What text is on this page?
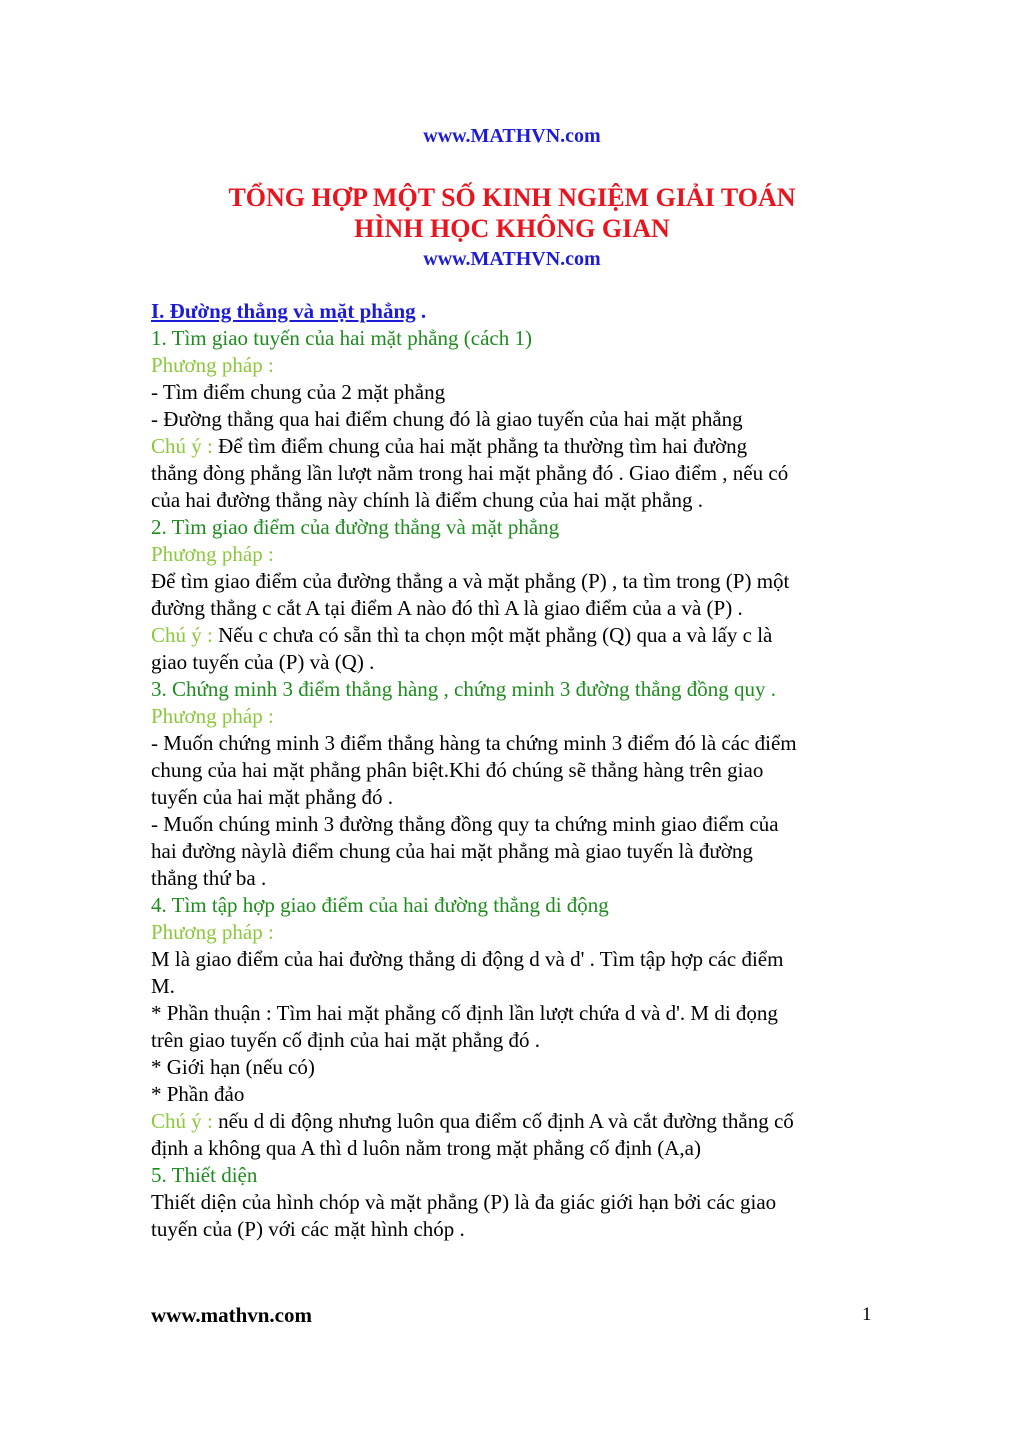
www.MATHVN.com
TỔNG HỢP MỘT SỐ KINH NGIỆM GIẢI TOÁN
HÌNH HỌC KHÔNG GIAN
www.MATHVN.com

I. Đường thẳng và mặt phẳng .

1. Tìm giao tuyến của hai mặt phẳng (cách 1)

Phương pháp :

- Tìm điểm chung của 2 mặt phẳng

- Đường thẳng qua hai điểm chung đó là giao tuyến của hai mặt phẳng

Chú ý : Để tìm điểm chung của hai mặt phẳng ta thường tìm hai đường

thẳng đòng phẳng lần lượt nằm trong hai mặt phẳng đó . Giao điểm , nếu có

của hai đường thẳng này chính là điểm chung của hai mặt phẳng .

2. Tìm giao điểm của đường thẳng và mặt phẳng

Phương pháp :

Để tìm giao điểm của đường thẳng a và mặt phẳng (P) , ta tìm trong (P) một

đường thẳng c cắt A tại điểm A nào đó thì A là giao điểm của a và (P) .

Chú ý : Nếu c chưa có sẵn thì ta chọn một mặt phẳng (Q) qua a và lấy c là

giao tuyến của (P) và (Q) .

3. Chứng minh 3 điểm thẳng hàng , chứng minh 3 đường thẳng đồng quy .

Phương pháp :

- Muốn chứng minh 3 điểm thẳng hàng ta chứng minh 3 điểm đó là các điểm

chung của hai mặt phẳng phân biệt.Khi đó chúng sẽ thẳng hàng trên giao

tuyến của hai mặt phẳng đó .

- Muốn chúng minh 3 đường thẳng đồng quy ta chứng minh giao điểm của

hai đường nàylà điểm chung của hai mặt phẳng mà giao tuyến là đường

thẳng thứ ba .

4. Tìm tập hợp giao điểm của hai đường thẳng di động

Phương pháp :

M là giao điểm của hai đường thẳng di động d và d' . Tìm tập hợp các điểm

M.

* Phần thuận : Tìm hai mặt phẳng cố định lần lượt chứa d và d'. M di đọng

trên giao tuyến cố định của hai mặt phẳng đó .

* Giới hạn (nếu có)

* Phần đảo

Chú ý : nếu d di động nhưng luôn qua điểm cố định A và cắt đường thẳng cố

định a không qua A thì d luôn nằm trong mặt phẳng cố định (A,a)

5. Thiết diện

Thiết diện của hình chóp và mặt phẳng (P) là đa giác giới hạn bởi các giao

tuyến của (P) với các mặt hình chóp .

www.mathvn.com	1
